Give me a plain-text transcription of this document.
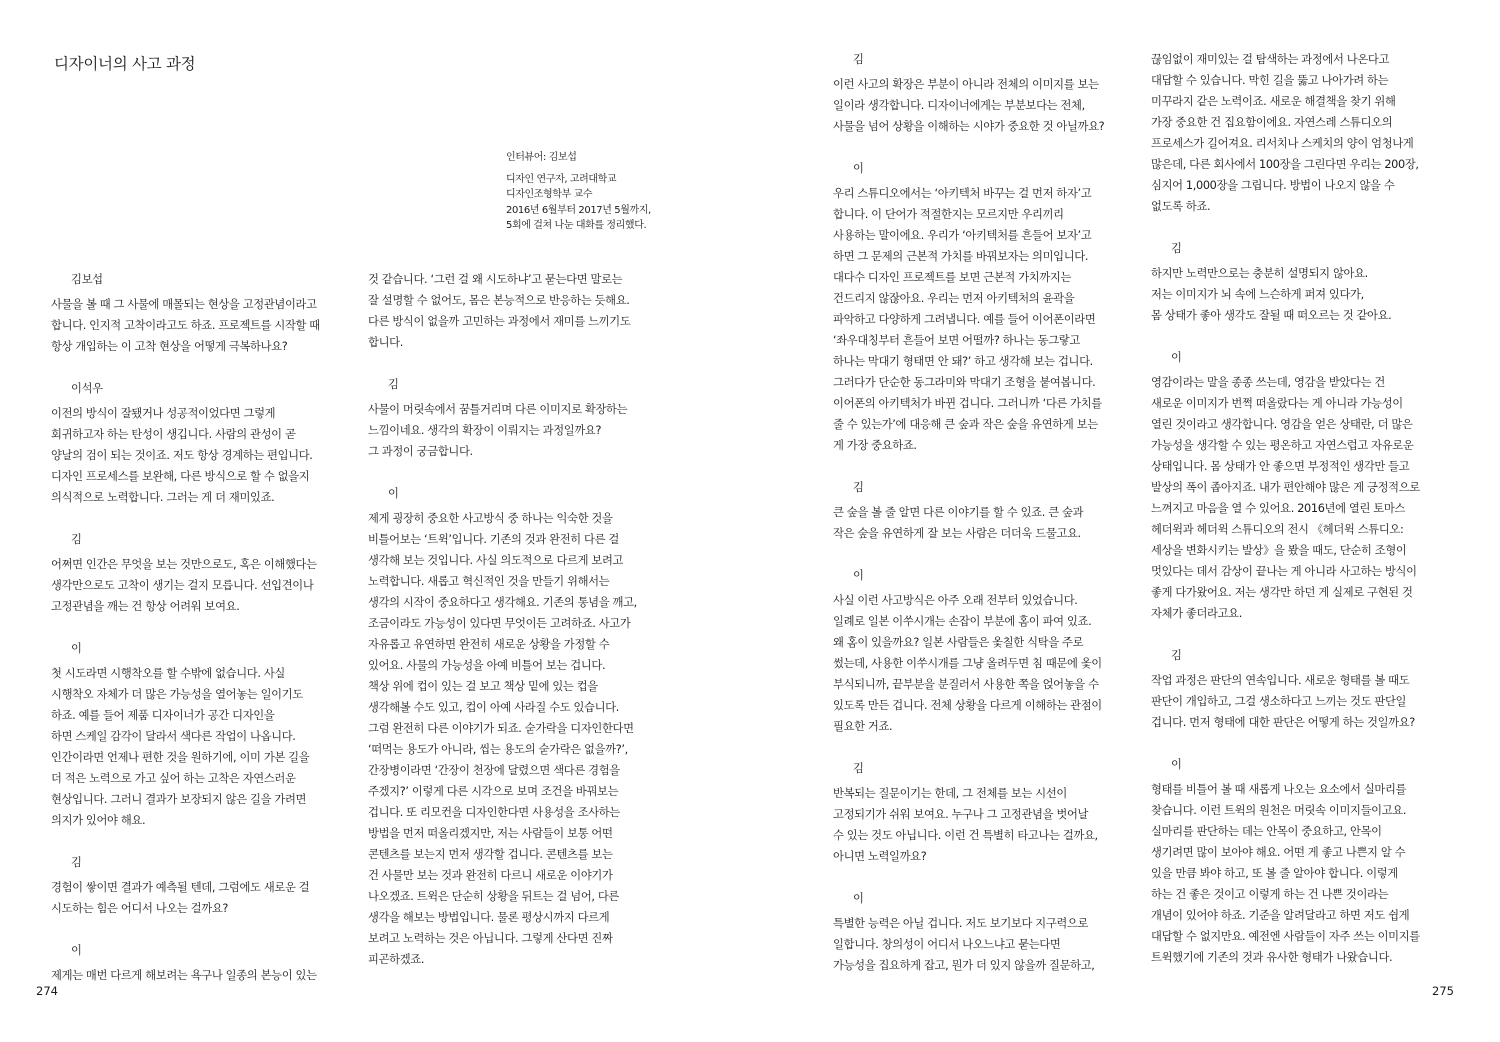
디자이너의 사고 과정

인터뷰어: 김보섭

디자인 연구자, 고려대학교

디자인조형학부 교수

2016년 6월부터 2017년 5월까지,

5회에 걸쳐 나눈 대화를 정리했다.

김보섭
사물을 볼 때 그 사물에 매몰되는 현상을 고정관념이라고
합니다. 인지적 고착이라고도 하죠. 프로젝트를 시작할 때
항상 개입하는 이 고착 현상을 어떻게 극복하나요?
이석우
이전의 방식이 잘됐거나 성공적이었다면 그렇게
회귀하고자 하는 탄성이 생깁니다. 사람의 관성이 곧
양날의 검이 되는 것이죠. 저도 항상 경계하는 편입니다.
디자인 프로세스를 보완해, 다른 방식으로 할 수 없을지
의식적으로 노력합니다. 그러는 게 더 재미있죠.
김
어쩌면 인간은 무엇을 보는 것만으로도, 혹은 이해했다는
생각만으로도 고착이 생기는 걸지 모릅니다. 선입견이나
고정관념을 깨는 건 항상 어려워 보여요.
이
첫 시도라면 시행착오를 할 수밖에 없습니다. 사실
시행착오 자체가 더 많은 가능성을 열어놓는 일이기도
하죠. 예를 들어 제품 디자이너가 공간 디자인을
하면 스케일 감각이 달라서 색다른 작업이 나옵니다.
인간이라면 언제나 편한 것을 원하기에, 이미 가본 길을
더 적은 노력으로 가고 싶어 하는 고착은 자연스러운
현상입니다. 그러니 결과가 보장되지 않은 길을 가려면
의지가 있어야 해요.
김
경험이 쌓이면 결과가 예측될 텐데, 그럼에도 새로운 걸
시도하는 힘은 어디서 나오는 걸까요?
이
제게는 매번 다르게 해보려는 욕구나 일종의 본능이 있는
것 같습니다. ‘그런 걸 왜 시도하냐’고 묻는다면 말로는
잘 설명할 수 없어도, 몸은 본능적으로 반응하는 듯해요.
다른 방식이 없을까 고민하는 과정에서 재미를 느끼기도
합니다.
김
사물이 머릿속에서 꿈틀거리며 다른 이미지로 확장하는
느낌이네요. 생각의 확장이 이뤄지는 과정일까요?
그 과정이 궁금합니다.
이
제게 굉장히 중요한 사고방식 중 하나는 익숙한 것을
비틀어보는 ‘트윅’입니다. 기존의 것과 완전히 다른 걸
생각해 보는 것입니다. 사실 의도적으로 다르게 보려고
노력합니다. 새롭고 혁신적인 것을 만들기 위해서는
생각의 시작이 중요하다고 생각해요. 기존의 통념을 깨고,
조금이라도 가능성이 있다면 무엇이든 고려하죠. 사고가
자유롭고 유연하면 완전히 새로운 상황을 가정할 수
있어요. 사물의 가능성을 아예 비틀어 보는 겁니다.
책상 위에 컵이 있는 걸 보고 책상 밑에 있는 컵을
생각해볼 수도 있고, 컵이 아예 사라질 수도 있습니다.
그럼 완전히 다른 이야기가 되죠. 숟가락을 디자인한다면
‘떠먹는 용도가 아니라, 씹는 용도의 숟가락은 없을까?’,
간장병이라면 ‘간장이 천장에 달렸으면 색다른 경험을
주겠지?’ 이렇게 다른 시각으로 보며 조건을 바꿔보는
겁니다. 또 리모컨을 디자인한다면 사용성을 조사하는
방법을 먼저 떠올리겠지만, 저는 사람들이 보통 어떤
콘텐츠를 보는지 먼저 생각할 겁니다. 콘텐츠를 보는
건 사물만 보는 것과 완전히 다르니 새로운 이야기가
나오겠죠. 트윅은 단순히 상황을 뒤트는 걸 넘어, 다른
생각을 해보는 방법입니다. 물론 평상시까지 다르게
보려고 노력하는 것은 아닙니다. 그렇게 산다면 진짜
피곤하겠죠.
274
김
이런 사고의 확장은 부분이 아니라 전체의 이미지를 보는
일이라 생각합니다. 디자이너에게는 부분보다는 전체,
사물을 넘어 상황을 이해하는 시야가 중요한 것 아닐까요?
이
우리 스튜디오에서는 ‘아키텍처 바꾸는 걸 먼저 하자’고
합니다. 이 단어가 적절한지는 모르지만 우리끼리
사용하는 말이에요. 우리가 ‘아키텍처를 흔들어 보자’고
하면 그 문제의 근본적 가치를 바꿔보자는 의미입니다.
대다수 디자인 프로젝트를 보면 근본적 가치까지는
건드리지 않잖아요. 우리는 먼저 아키텍처의 윤곽을
파악하고 다양하게 그려냅니다. 예를 들어 이어폰이라면
‘좌우대칭부터 흔들어 보면 어떨까? 하나는 동그랗고
하나는 막대기 형태면 안 돼?’ 하고 생각해 보는 겁니다.
그러다가 단순한 동그라미와 막대기 조형을 붙여봅니다.
이어폰의 아키텍처가 바뀐 겁니다. 그러니까 ‘다른 가치를
줄 수 있는가’에 대응해 큰 숲과 작은 숲을 유연하게 보는
게 가장 중요하죠.
김
큰 숲을 볼 줄 알면 다른 이야기를 할 수 있죠. 큰 숲과
작은 숲을 유연하게 잘 보는 사람은 더더욱 드물고요.
이
사실 이런 사고방식은 아주 오래 전부터 있었습니다.
일례로 일본 이쑤시개는 손잡이 부분에 홈이 파여 있죠.
왜 홈이 있을까요? 일본 사람들은 옻칠한 식탁을 주로
썼는데, 사용한 이쑤시개를 그냥 올려두면 침 때문에 옻이
부식되니까, 끝부분을 분질러서 사용한 쪽을 얹어놓을 수
있도록 만든 겁니다. 전체 상황을 다르게 이해하는 관점이
필요한 거죠.
김
반복되는 질문이기는 한데, 그 전체를 보는 시선이
고정되기가 쉬워 보여요. 누구나 그 고정관념을 벗어날
수 있는 것도 아닙니다. 이런 건 특별히 타고나는 걸까요,
아니면 노력일까요?
이
특별한 능력은 아닐 겁니다. 저도 보기보다 지구력으로
일합니다. 창의성이 어디서 나오느냐고 묻는다면
가능성을 집요하게 잡고, 뭔가 더 있지 않을까 질문하고,
끊임없이 재미있는 걸 탐색하는 과정에서 나온다고
대답할 수 있습니다. 막힌 길을 뚫고 나아가려 하는
미꾸라지 같은 노력이죠. 새로운 해결책을 찾기 위해
가장 중요한 건 집요함이에요. 자연스레 스튜디오의
프로세스가 길어져요. 리서치나 스케치의 양이 엄청나게
많은데, 다른 회사에서 100장을 그린다면 우리는 200장,
심지어 1,000장을 그립니다. 방법이 나오지 않을 수
없도록 하죠.
김
하지만 노력만으로는 충분히 설명되지 않아요.
저는 이미지가 뇌 속에 느슨하게 퍼져 있다가,
몸 상태가 좋아 생각도 잘될 때 떠오르는 것 같아요.
이
영감이라는 말을 종종 쓰는데, 영감을 받았다는 건
새로운 이미지가 번쩍 떠올랐다는 게 아니라 가능성이
열린 것이라고 생각합니다. 영감을 얻은 상태란, 더 많은
가능성을 생각할 수 있는 평온하고 자연스럽고 자유로운
상태입니다. 몸 상태가 안 좋으면 부정적인 생각만 들고
발상의 폭이 좁아지죠. 내가 편안해야 많은 게 긍정적으로
느껴지고 마음을 열 수 있어요. 2016년에 열린 토마스
헤더윅과 헤더윅 스튜디오의 전시 《헤더윅 스튜디오:
세상을 변화시키는 발상》을 봤을 때도, 단순히 조형이
멋있다는 데서 감상이 끝나는 게 아니라 사고하는 방식이
좋게 다가왔어요. 저는 생각만 하던 게 실제로 구현된 것
자체가 좋더라고요.
김
작업 과정은 판단의 연속입니다. 새로운 형태를 볼 때도
판단이 개입하고, 그걸 생소하다고 느끼는 것도 판단일
겁니다. 먼저 형태에 대한 판단은 어떻게 하는 것일까요?
이
형태를 비틀어 볼 때 새롭게 나오는 요소에서 실마리를
찾습니다. 이런 트윅의 원천은 머릿속 이미지들이고요.
실마리를 판단하는 데는 안목이 중요하고, 안목이
생기려면 많이 보아야 해요. 어떤 게 좋고 나쁜지 알 수
있을 만큼 봐야 하고, 또 볼 줄 알아야 합니다. 이렇게
하는 건 좋은 것이고 이렇게 하는 건 나쁜 것이라는
개념이 있어야 하죠. 기준을 알려달라고 하면 저도 쉽게
대답할 수 없지만요. 예전엔 사람들이 자주 쓰는 이미지를
트윅했기에 기존의 것과 유사한 형태가 나왔습니다.
275
